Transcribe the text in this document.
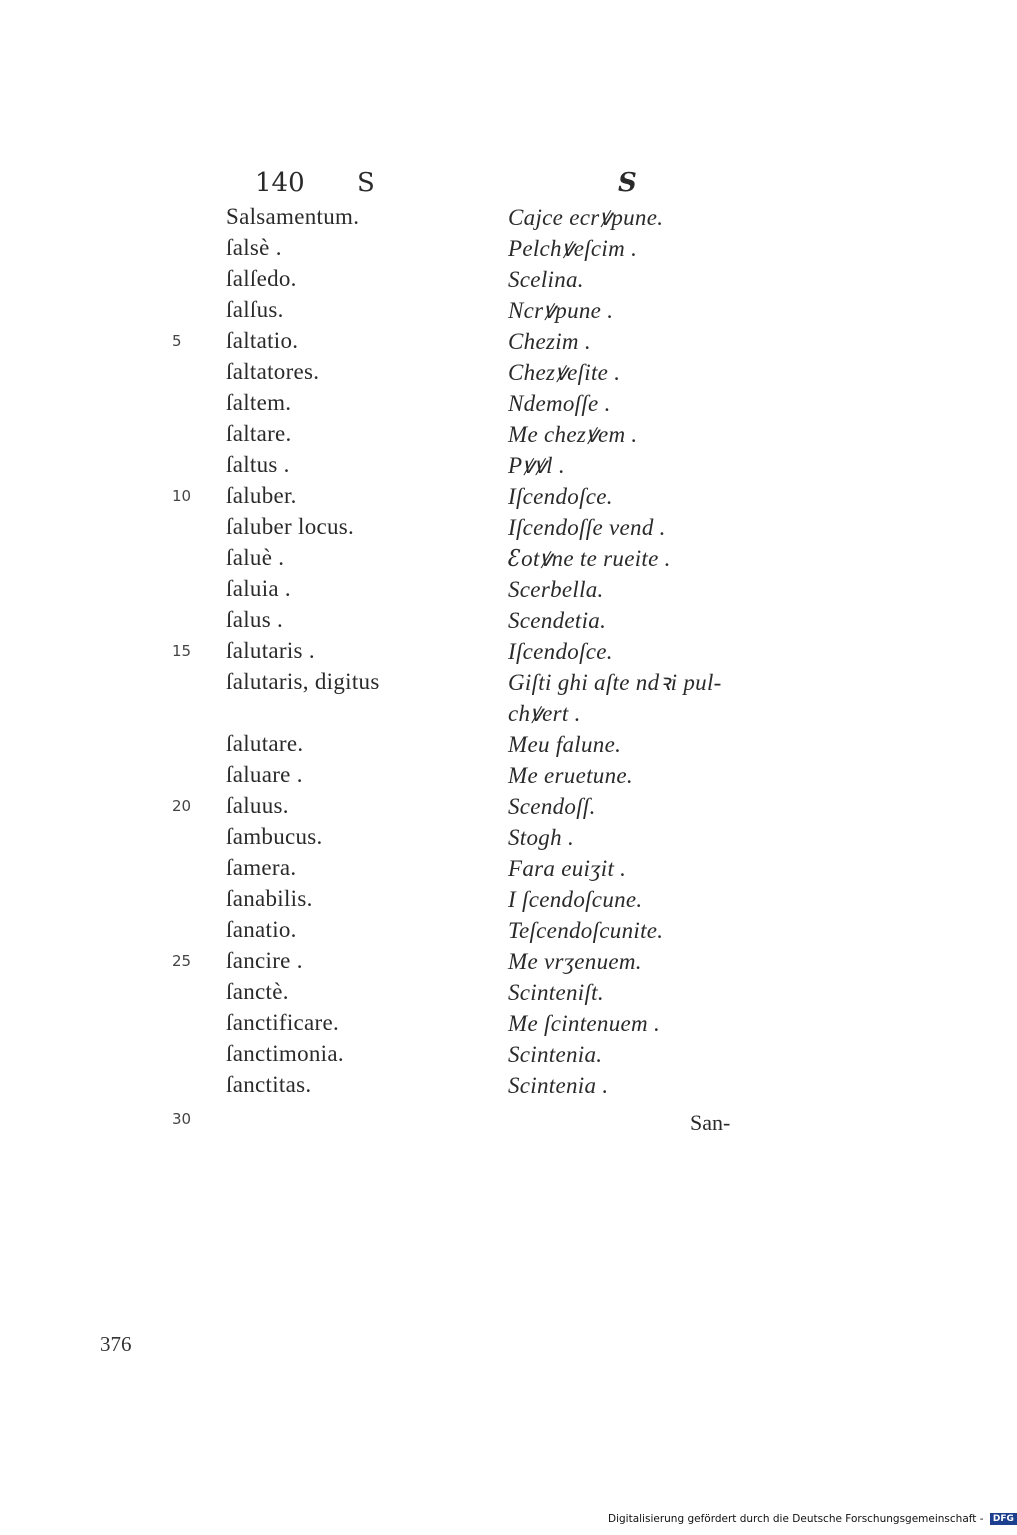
140 S	S
Salsamentum.	Cajce ecrꝟpune.
ſalsè .	Pelchꝟeſcim .
ſalſedo.	Scelina.
ſalſus.	Ncrꝟpune .
5	ſaltatio.	Chezim .
ſaltatores.	Chezꝟeſite .
ſaltem.	Ndemoſſe .
ſaltare.	Me chezꝟem .
ſaltus .	Pꝟꝟl .
10	ſaluber.	Iſcendoſce.
ſaluber locus.	Iſcendoſſe vend .
ſaluè .	ꜫotꝟne te rueite .
ſaluia .	Scerbella.
ſalus .	Scendetia.
15	ſalutaris .	Iſcendoſce.
ſalutaris, digitus	Giſti ghi aſte ndꝛi pul-
chꝟert .
ſalutare.	Meu falune.
ſaluare .	Me eruetune.
20	ſaluus.	Scendoſſ.
ſambucus.	Stogh .
ſamera.	Fara euiʒit .
ſanabilis.	I ſcendoſcune.
ſanatio.	Teſcendoſcunite.
25	ſancire .	Me vrʒenuem.
ſanctè.	Scinteniſt.
ſanctificare.	Me ſcintenuem .
ſanctimonia.	Scintenia.
ſanctitas.	Scintenia .
30	San-
376
Digitalisierung gefördert durch die Deutsche Forschungsgemeinschaft - DFG
